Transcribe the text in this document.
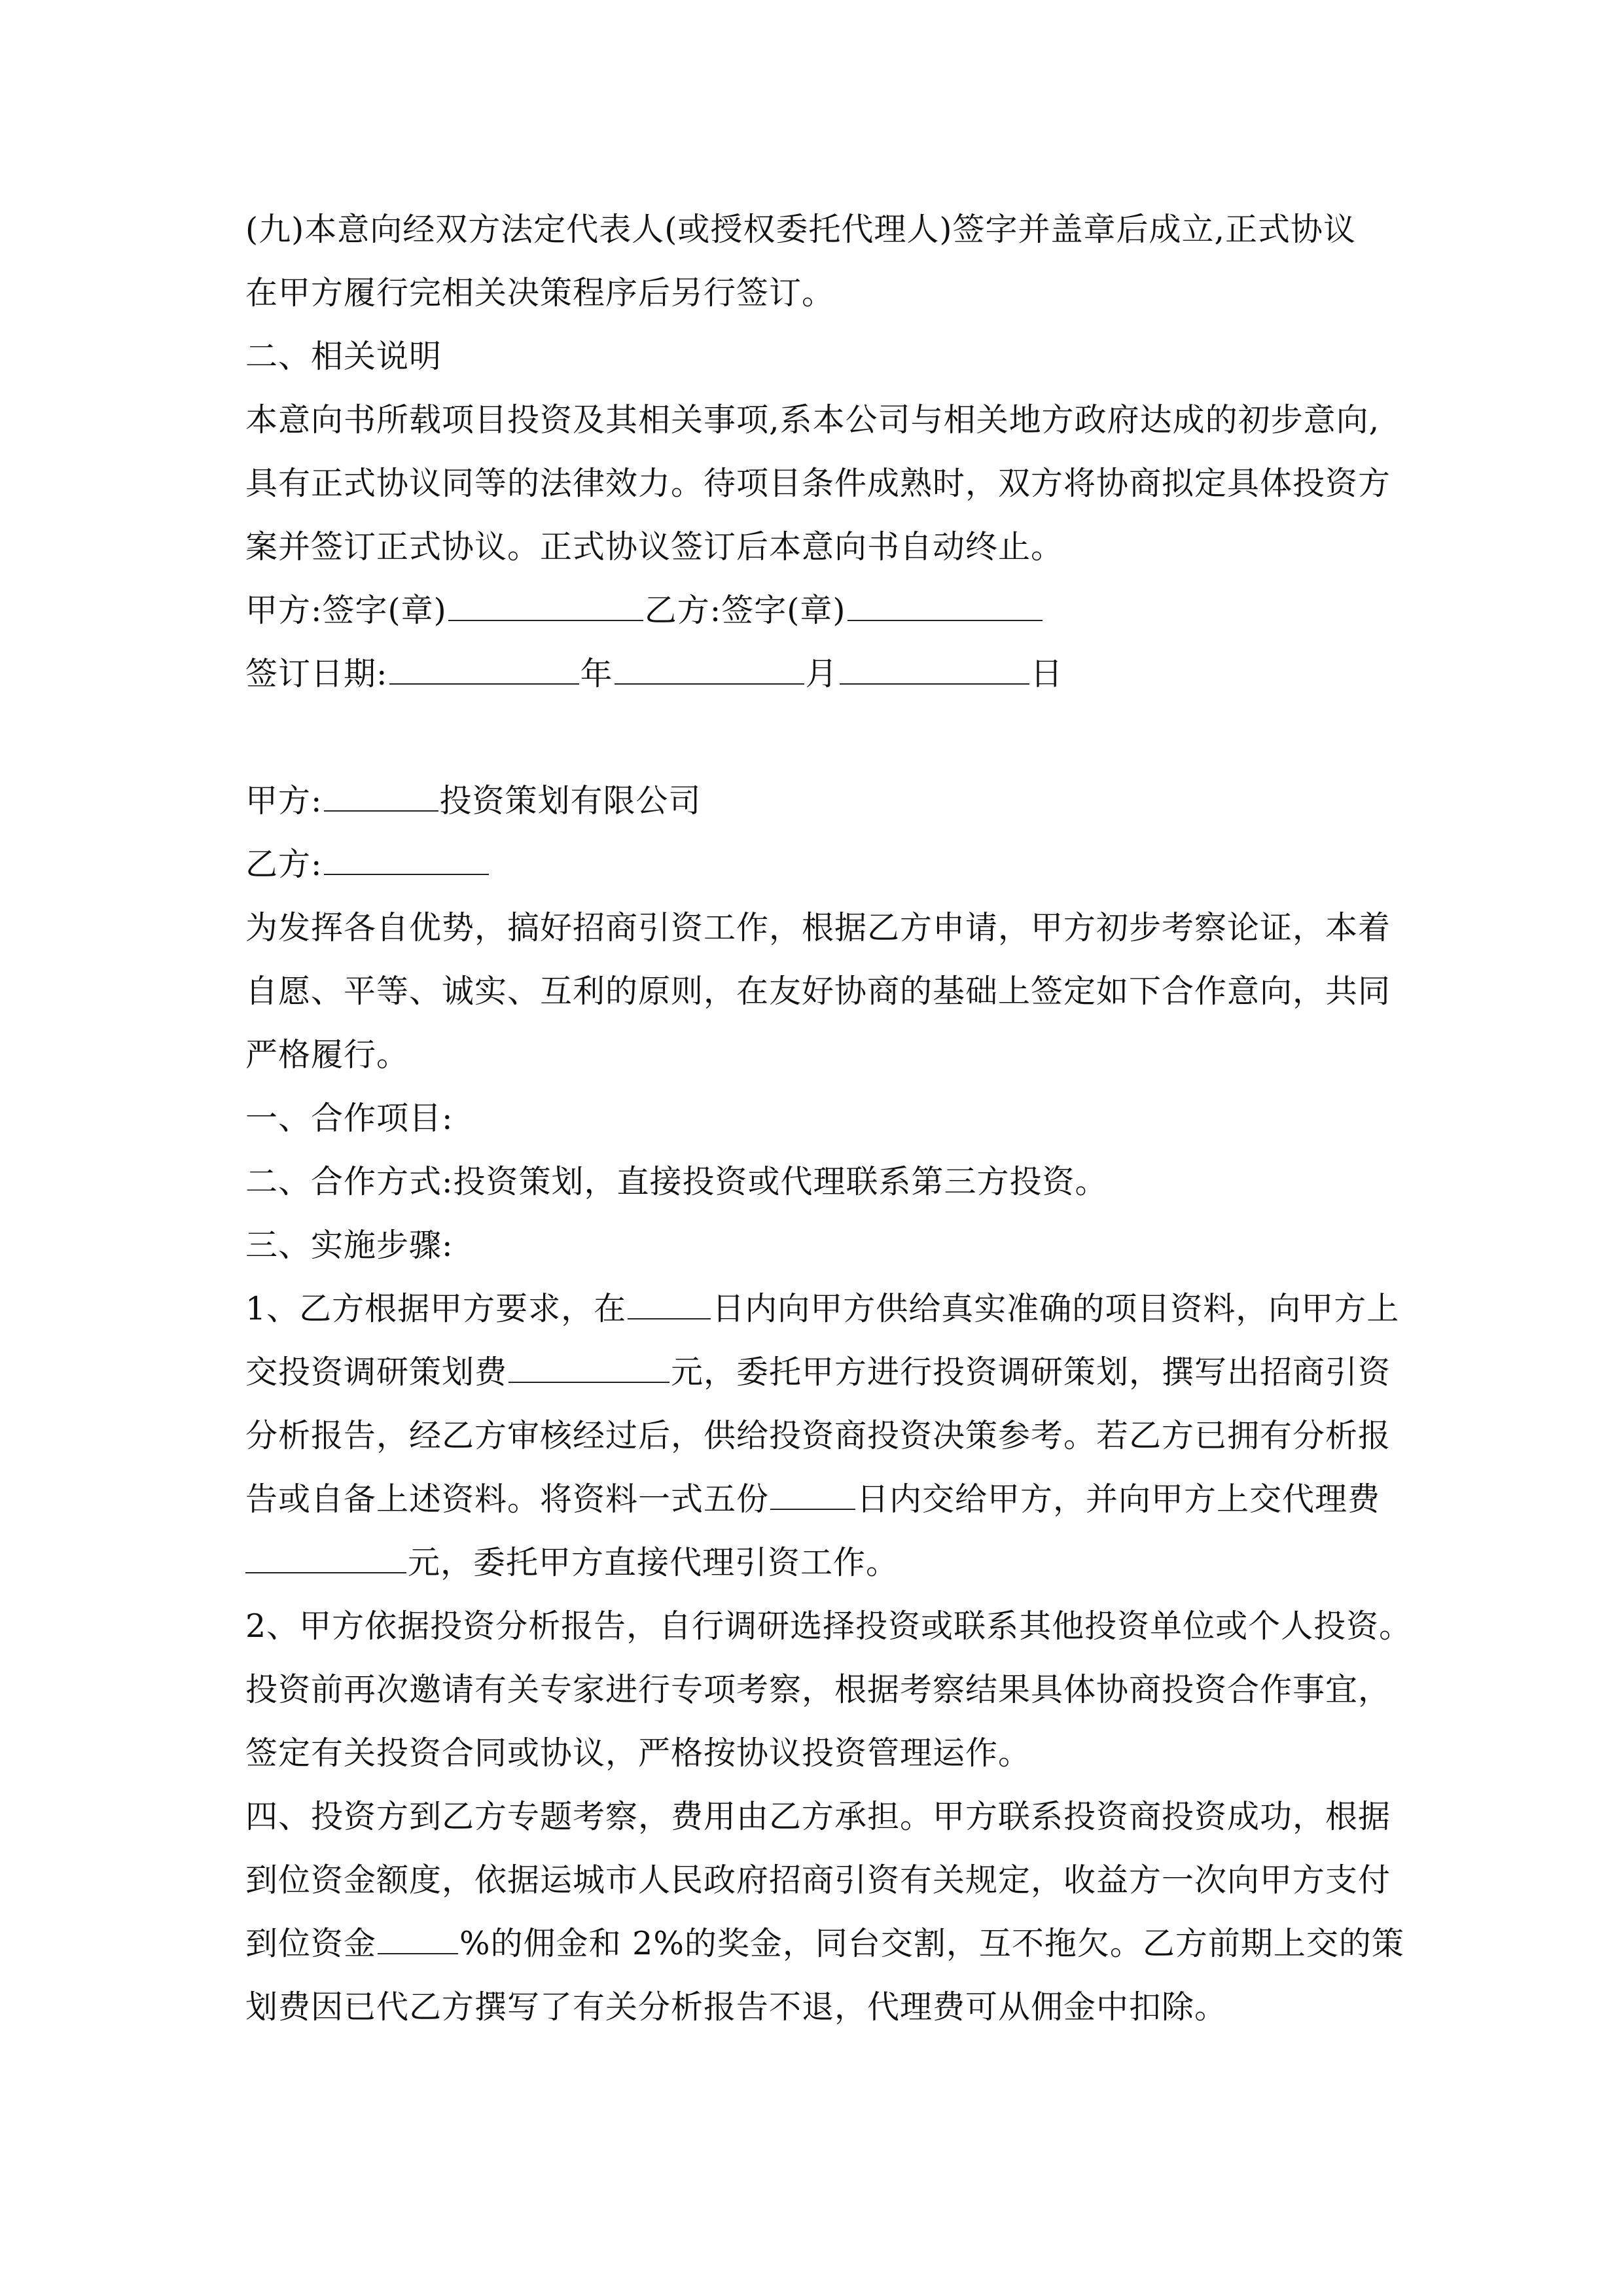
(九)本意向经双方法定代表人(或授权委托代理人)签字并盖章后成立,正式协议
在甲方履行完相关决策程序后另行签订。
二、相关说明
本意向书所载项目投资及其相关事项,系本公司与相关地方政府达成的初步意向,
具有正式协议同等的法律效力。待项目条件成熟时，双方将协商拟定具体投资方
案并签订正式协议。正式协议签订后本意向书自动终止。
甲方:签字(章)	乙方:签字(章)
签订日期:	年	月	日
甲方:	投资策划有限公司
乙方:
为发挥各自优势，搞好招商引资工作，根据乙方申请，甲方初步考察论证，本着
自愿、平等、诚实、互利的原则，在友好协商的基础上签定如下合作意向，共同
严格履行。
一、合作项目:
二、合作方式:投资策划，直接投资或代理联系第三方投资。
三、实施步骤:
1、乙方根据甲方要求，在	日内向甲方供给真实准确的项目资料，向甲方上
交投资调研策划费	元，委托甲方进行投资调研策划，撰写出招商引资
分析报告，经乙方审核经过后，供给投资商投资决策参考。若乙方已拥有分析报
告或自备上述资料。将资料一式五份	日内交给甲方，并向甲方上交代理费
元，委托甲方直接代理引资工作。
2、甲方依据投资分析报告，自行调研选择投资或联系其他投资单位或个人投资。
投资前再次邀请有关专家进行专项考察，根据考察结果具体协商投资合作事宜，
签定有关投资合同或协议，严格按协议投资管理运作。
四、投资方到乙方专题考察，费用由乙方承担。甲方联系投资商投资成功，根据
到位资金额度，依据运城市人民政府招商引资有关规定，收益方一次向甲方支付
到位资金	%的佣金和 2%的奖金，同台交割，互不拖欠。乙方前期上交的策
划费因已代乙方撰写了有关分析报告不退，代理费可从佣金中扣除。
